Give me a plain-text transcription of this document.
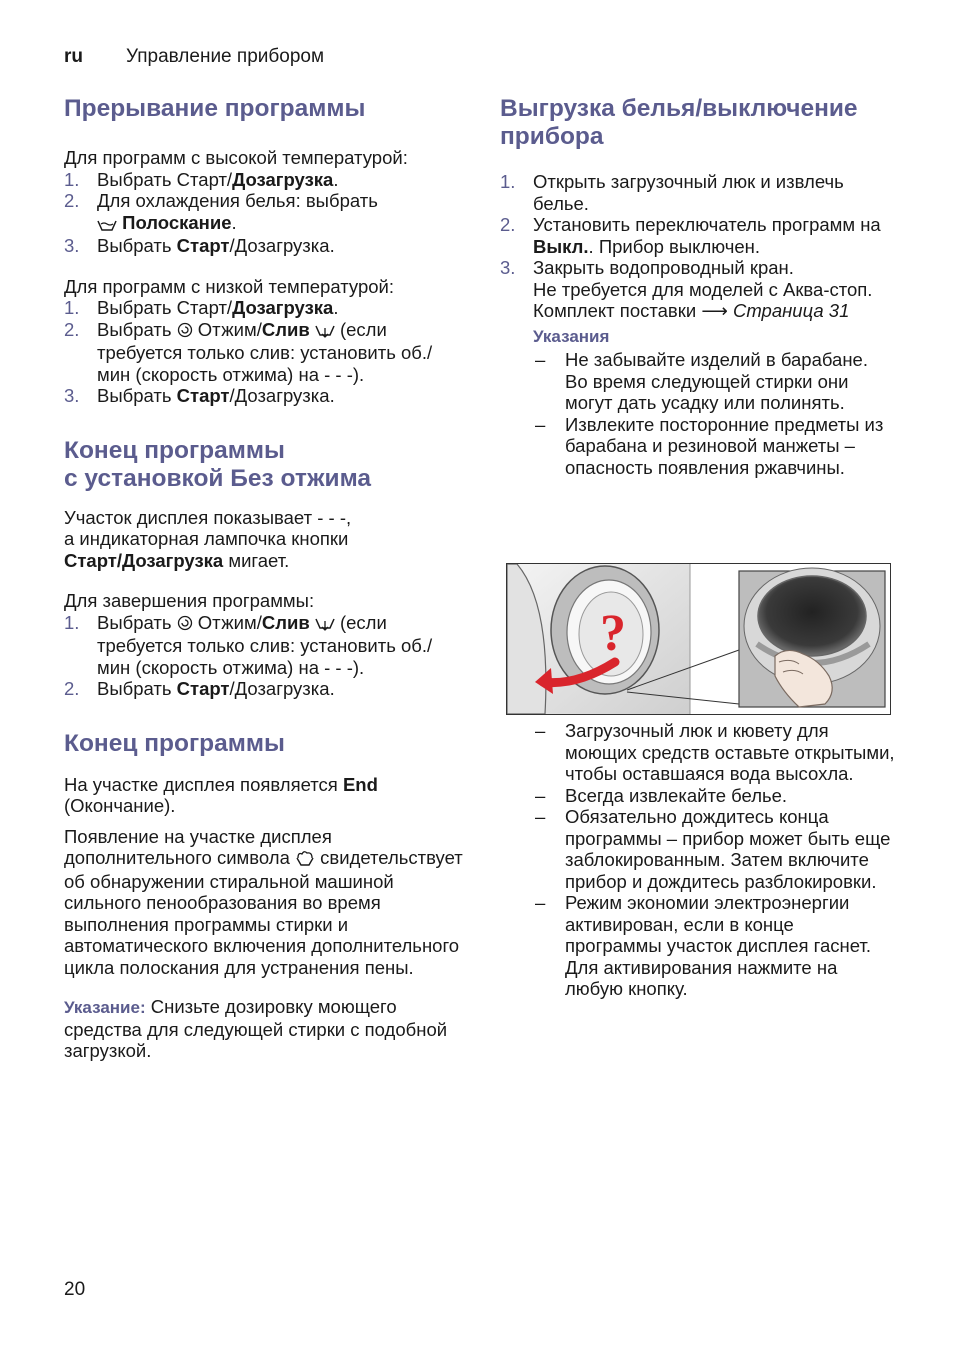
ru Управление прибором
Прерывание программы

Для программ с высокой температурой:

1. Выбрать Старт/Дозагрузка.
2. Для охлаждения белья: выбрать
Полоскание.
3. Выбрать Старт/Дозагрузка.

Для программ с низкой температурой:

1. Выбрать Старт/Дозагрузка.
2. Выбрать  Отжим/Слив  (если требуется только слив: установить об./мин (скорость отжима) на - - -).
3. Выбрать Старт/Дозагрузка.
Конец программы
с установкой Без отжима

Участок дисплея показывает - - -,
а индикаторная лампочка кнопки
Старт/Дозагрузка мигает.

Для завершения программы:

1. Выбрать  Отжим/Слив  (если требуется только слив: установить об./мин (скорость отжима) на - - -).
2. Выбрать Старт/Дозагрузка.
Конец программы

На участке дисплея появляется End
(Окончание).

Появление на участке дисплея дополнительного символа свидетельствует об обнаружении стиральной машиной сильного пенообразования во время выполнения программы стирки и автоматического включения дополнительного цикла полоскания для устранения пены.

Указание: Снизьте дозировку моющего средства для следующей стирки с подобной загрузкой.

Выгрузка белья/выключение
прибора
1. Открыть загрузочный люк и извлечь белье.
2. Установить переключатель программ на Выкл.. Прибор выключен.
3. Закрыть водопроводный кран.
Не требуется для моделей с Аква-стоп.
Комплект поставки ⟶ Страница 31
Указания
– Не забывайте изделий в барабане. Во время следующей стирки они могут дать усадку или полинять.
– Извлеките посторонние предметы из барабана и резиновой манжеты – опасность появления ржавчины.
– Загрузочный люк и кювету для моющих средств оставьте открытыми, чтобы оставшаяся вода высохла.
– Всегда извлекайте белье.
– Обязательно дождитесь конца программы – прибор может быть еще заблокированным. Затем включите прибор и дождитесь разблокировки.
– Режим экономии электроэнергии активирован, если в конце программы участок дисплея гаснет. Для активирования нажмите на любую кнопку.
?
20
